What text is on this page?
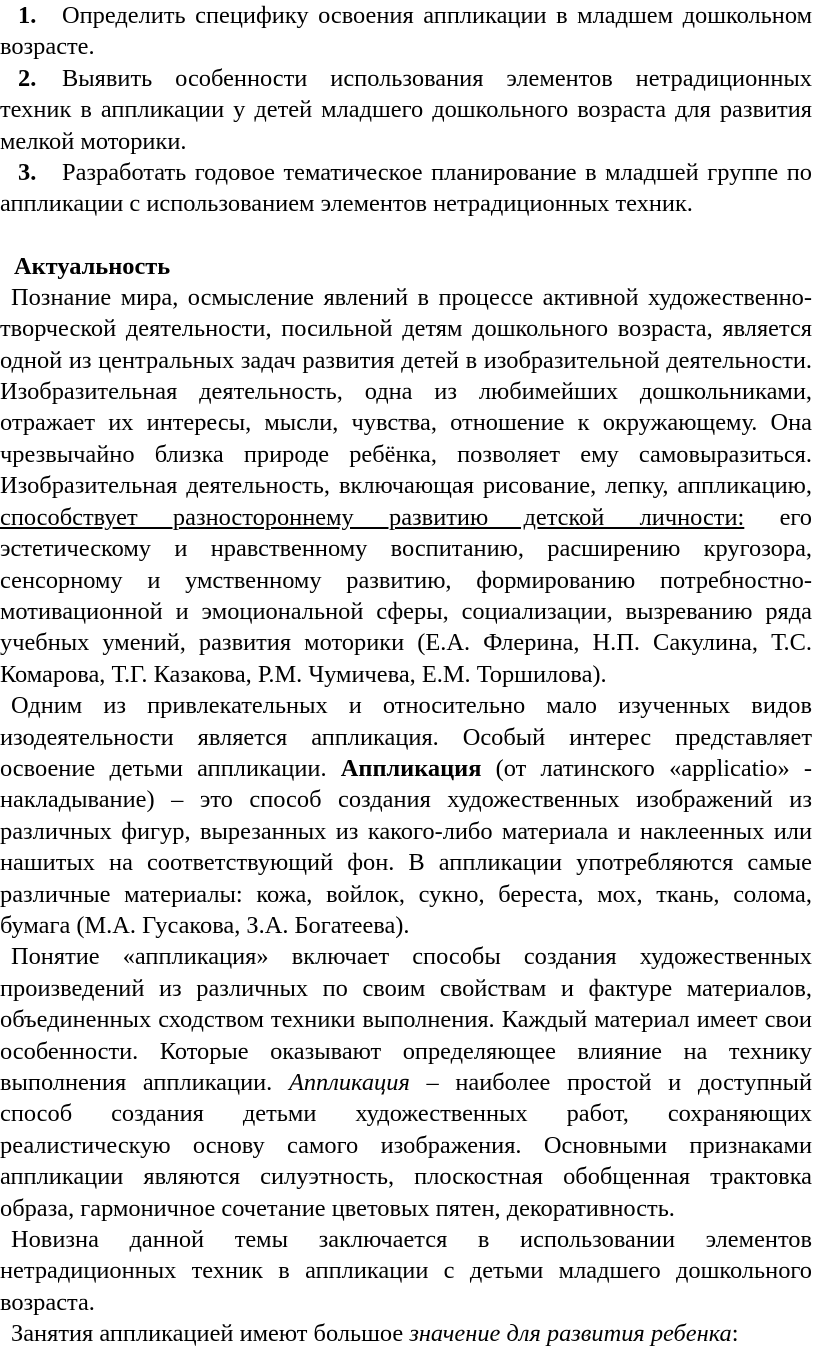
1. Определить специфику освоения аппликации в младшем дошкольном возрасте.

2. Выявить особенности использования элементов нетрадиционных техник в аппликации у детей младшего дошкольного возраста для развития мелкой моторики.

3. Разработать годовое тематическое планирование в младшей группе по аппликации с использованием элементов нетрадиционных техник.

Актуальность

Познание мира, осмысление явлений в процессе активной художественно-творческой деятельности, посильной детям дошкольного возраста, является одной из центральных задач развития детей в изобразительной деятельности. Изобразительная деятельность, одна из любимейших дошкольниками, отражает их интересы, мысли, чувства, отношение к окружающему. Она чрезвычайно близка природе ребёнка, позволяет ему самовыразиться. Изобразительная деятельность, включающая рисование, лепку, аппликацию, способствует разностороннему развитию детской личности: его эстетическому и нравственному воспитанию, расширению кругозора, сенсорному и умственному развитию, формированию потребностно-мотивационной и эмоциональной сферы, социализации, вызреванию ряда учебных умений, развития моторики (Е.А. Флерина, Н.П. Сакулина, Т.С. Комарова, Т.Г. Казакова, Р.М. Чумичева, Е.М. Торшилова).

Одним из привлекательных и относительно мало изученных видов изодеятельности является аппликация. Особый интерес представляет освоение детьми аппликации. Аппликация (от латинского «applicatio» - накладывание) – это способ создания художественных изображений из различных фигур, вырезанных из какого-либо материала и наклеенных или нашитых на соответствующий фон. В аппликации употребляются самые различные материалы: кожа, войлок, сукно, береста, мох, ткань, солома, бумага (М.А. Гусакова, З.А. Богатеева).

Понятие «аппликация» включает способы создания художественных произведений из различных по своим свойствам и фактуре материалов, объединенных сходством техники выполнения. Каждый материал имеет свои особенности. Которые оказывают определяющее влияние на технику выполнения аппликации. Аппликация – наиболее простой и доступный способ создания детьми художественных работ, сохраняющих реалистическую основу самого изображения. Основными признаками аппликации являются силуэтность, плоскостная обобщенная трактовка образа, гармоничное сочетание цветовых пятен, декоративность.

Новизна данной темы заключается в использовании элементов нетрадиционных техник в аппликации с детьми младшего дошкольного возраста.

Занятия аппликацией имеют большое значение для развития ребенка:
